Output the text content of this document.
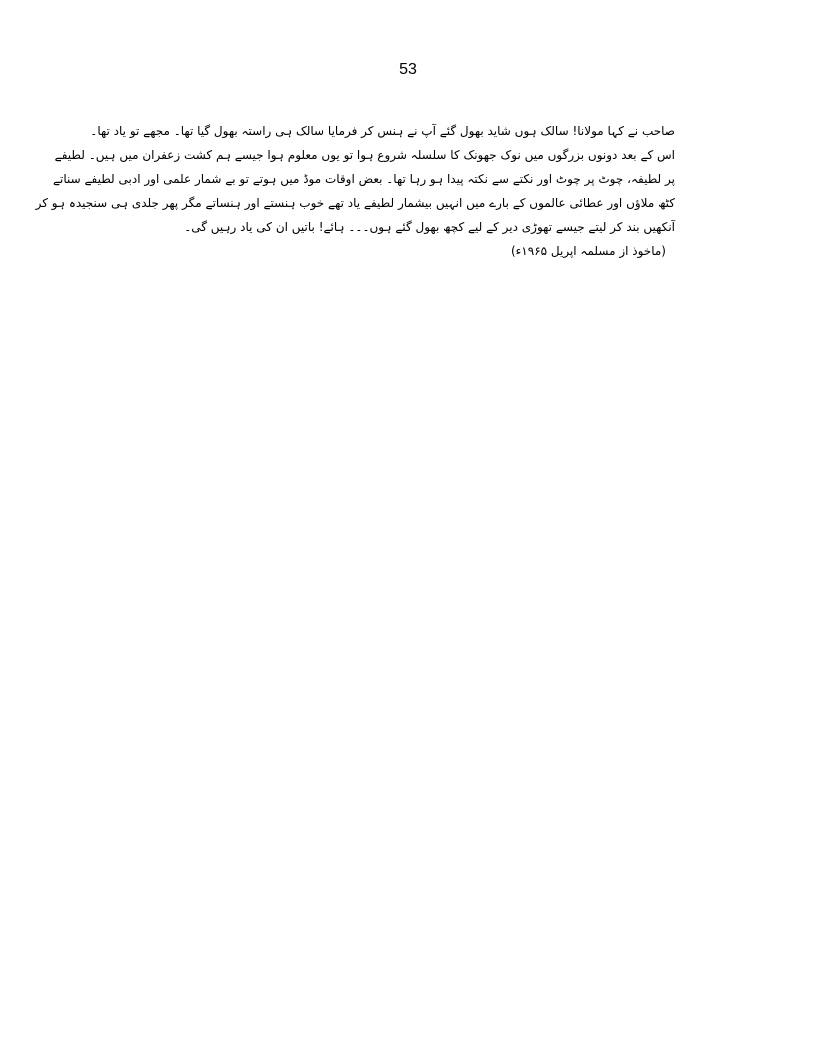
53
صاحب نے کہا مولانا! سالک ہوں شاید بھول گئے آپ نے ہنس کر فرمایا سالک ہی راستہ بھول گیا تھا۔ مجھے تو یاد تھا۔
اس کے بعد دونوں بزرگوں میں نوک جھونک کا سلسلہ شروع ہوا تو یوں معلوم ہوا جیسے ہم کشت زعفران میں ہیں۔ لطیفے
پر لطیفہ، چوٹ پر چوٹ اور نکتے سے نکتہ پیدا ہو رہا تھا۔ بعض اوقات موڈ میں ہوتے تو بے شمار علمی اور ادبی لطیفے سناتے
کٹھ ملاؤں اور عطائی عالموں کے بارے میں انہیں بیشمار لطیفے یاد تھے خوب ہنستے اور ہنساتے مگر پھر جلدی ہی سنجیدہ ہو کر
آنکھیں بند کر لیتے جیسے تھوڑی دیر کے لیے کچھ بھول گئے ہوں۔۔۔ ہائے! باتیں ان کی یاد رہیں گی۔
(ماخوذ از مسلمہ اپریل ۱۹۶۵ء)
